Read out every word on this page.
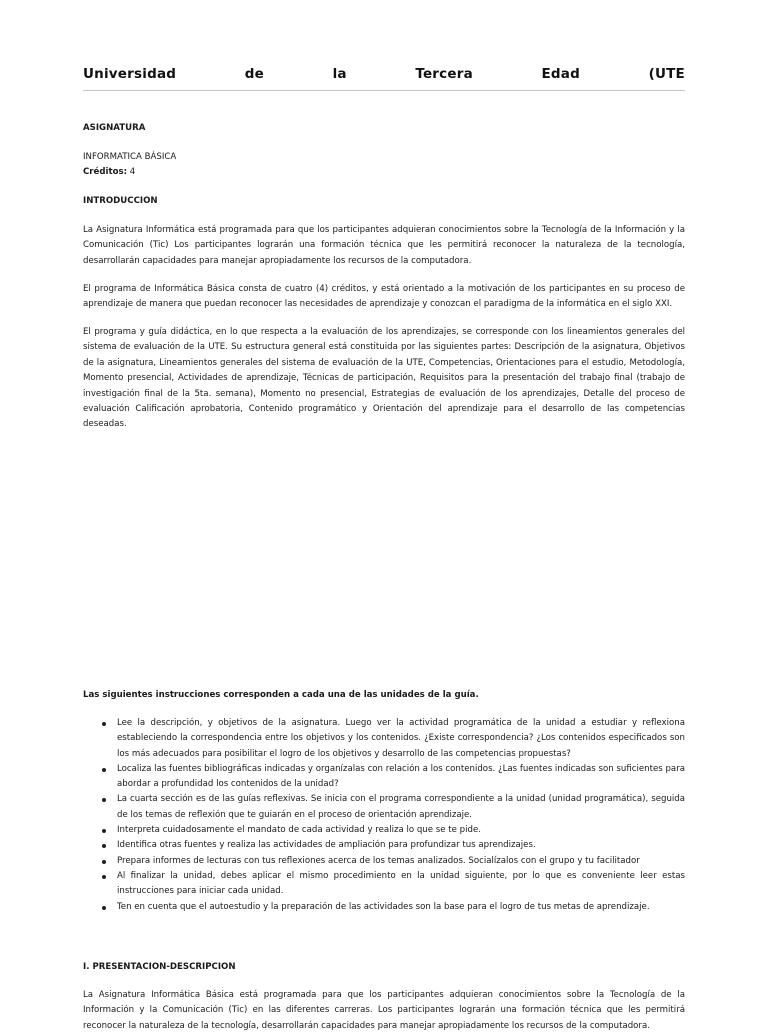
Universidad	de	la	Tercera	Edad	(UTE
ASIGNATURA
INFORMATICA BÁSICA
Créditos: 4
INTRODUCCION

La Asignatura Informática está programada para que los participantes adquieran conocimientos sobre la Tecnología de la Información y la Comunicación (Tic) Los participantes lograrán una formación técnica que les permitirá reconocer la naturaleza de la tecnología, desarrollarán capacidades para manejar apropiadamente los recursos de la computadora.

El programa de Informática Básica consta de cuatro (4) créditos, y está orientado a la motivación de los participantes en su proceso de aprendizaje de manera que puedan reconocer las necesidades de aprendizaje y conozcan el paradigma de la informática en el siglo XXI.

El programa y guía didáctica, en lo que respecta a la evaluación de los aprendizajes, se corresponde con los lineamientos generales del sistema de evaluación de la UTE. Su estructura general está constituida por las siguientes partes: Descripción de la asignatura, Objetivos de la asignatura, Lineamientos generales del sistema de evaluación de la UTE, Competencias, Orientaciones para el estudio, Metodología, Momento presencial, Actividades de aprendizaje, Técnicas de participación, Requisitos para la presentación del trabajo final (trabajo de investigación final de la 5ta. semana), Momento no presencial, Estrategias de evaluación de los aprendizajes, Detalle del proceso de evaluación Calificación aprobatoria, Contenido programático y Orientación del aprendizaje para el desarrollo de las competencias deseadas.

Las siguientes instrucciones corresponden a cada una de las unidades de la guía.
Lee la descripción, y objetivos de la asignatura. Luego ver la actividad programática de la unidad a estudiar y reflexiona estableciendo la correspondencia entre los objetivos y los contenidos. ¿Existe correspondencia? ¿Los contenidos especificados son los más adecuados para posibilitar el logro de los objetivos y desarrollo de las competencias propuestas?
Localiza las fuentes bibliográficas indicadas y organízalas con relación a los contenidos. ¿Las fuentes indicadas son suficientes para abordar a profundidad los contenidos de la unidad?
La cuarta sección es de las guías reflexivas. Se inicia con el programa correspondiente a la unidad (unidad programática), seguida de los temas de reflexión que te guiarán en el proceso de orientación aprendizaje.
Interpreta cuidadosamente el mandato de cada actividad y realiza lo que se te pide.
Identifica otras fuentes y realiza las actividades de ampliación para profundizar tus aprendizajes.
Prepara informes de lecturas con tus reflexiones acerca de los temas analizados. Socialízalos con el grupo y tu facilitador
Al finalizar la unidad, debes aplicar el mismo procedimiento en la unidad siguiente, por lo que es conveniente leer estas instrucciones para iniciar cada unidad.
Ten en cuenta que el autoestudio y la preparación de las actividades son la base para el logro de tus metas de aprendizaje.
I. PRESENTACION-DESCRIPCION

La Asignatura Informática Básica está programada para que los participantes adquieran conocimientos sobre la Tecnología de la Información y la Comunicación (Tic) en las diferentes carreras. Los participantes lograrán una formación técnica que les permitirá reconocer la naturaleza de la tecnología, desarrollarán capacidades para manejar apropiadamente los recursos de la computadora.
